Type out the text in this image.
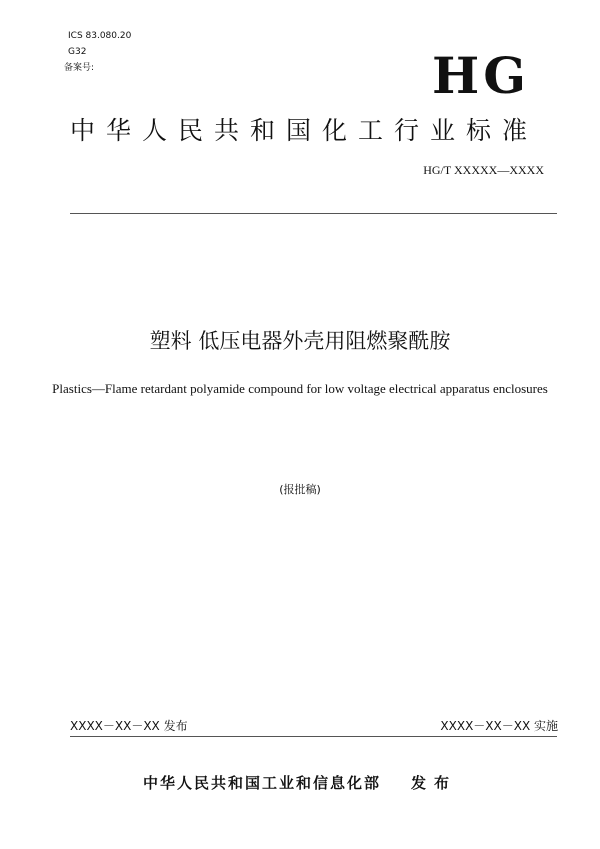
ICS 83.080.20
G32
备案号:	HG
中华人民共和国化工行业标准
HG/T XXXXX—XXXX
塑料 低压电器外壳用阻燃聚酰胺
Plastics—Flame retardant polyamide compound for low voltage electrical apparatus enclosures
(报批稿)
XXXX－XX－XX 发布	XXXX－XX－XX 实施
中华人民共和国工业和信息化部 发布
